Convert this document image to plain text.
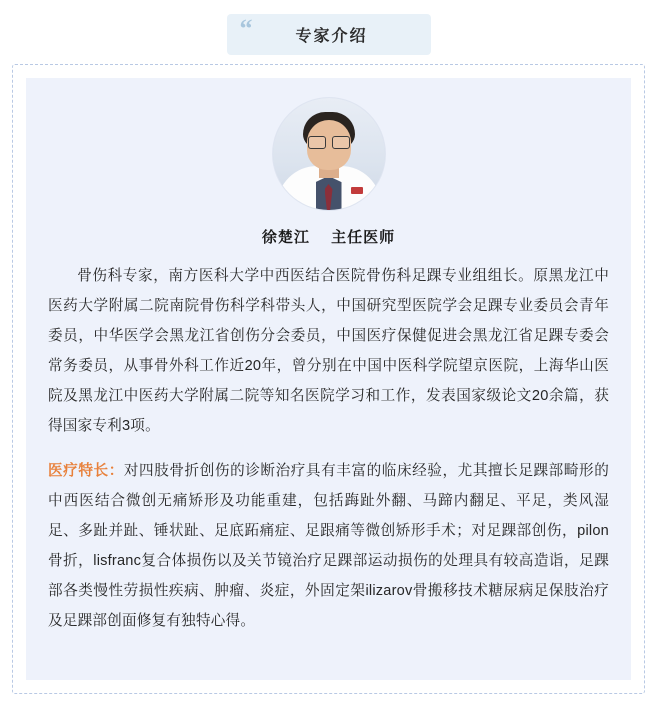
“	专家介绍
徐楚江 主任医师

骨伤科专家，南方医科大学中西医结合医院骨伤科足踝专业组组长。原黑龙江中医药大学附属二院南院骨伤科学科带头人，中国研究型医院学会足踝专业委员会青年委员，中华医学会黑龙江省创伤分会委员，中国医疗保健促进会黑龙江省足踝专委会常务委员，从事骨外科工作近20年，曾分别在中国中医科学院望京医院，上海华山医院及黑龙江中医药大学附属二院等知名医院学习和工作，发表国家级论文20余篇，获得国家专利3项。

医疗特长：对四肢骨折创伤的诊断治疗具有丰富的临床经验，尤其擅长足踝部畸形的中西医结合微创无痛矫形及功能重建，包括踇趾外翻、马蹄内翻足、平足，类风湿足、多趾并趾、锤状趾、足底跖痛症、足跟痛等微创矫形手术；对足踝部创伤，pilon骨折，lisfranc复合体损伤以及关节镜治疗足踝部运动损伤的处理具有较高造诣，足踝部各类慢性劳损性疾病、肿瘤、炎症，外固定架ilizarov骨搬移技术糖尿病足保肢治疗及足踝部创面修复有独特心得。
